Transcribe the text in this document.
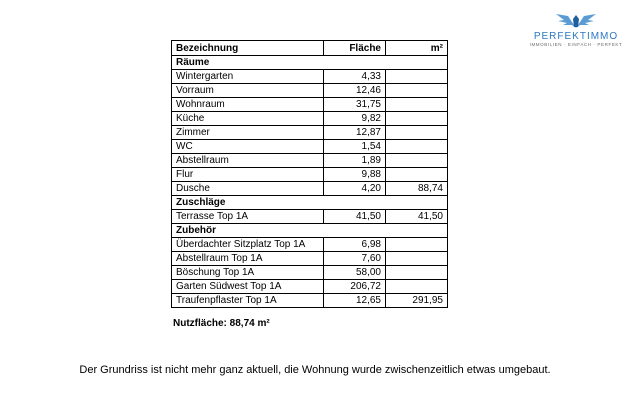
PERFEKTIMMO
IMMOBILIEN · EINFACH · PERFEKT
Bezeichnung	Fläche	m²
Räume		
Wintergarten	4,33	
Vorraum	12,46	
Wohnraum	31,75	
Küche	9,82	
Zimmer	12,87	
WC	1,54	
Abstellraum	1,89	
Flur	9,88	
Dusche	4,20	88,74
Zuschläge		
Terrasse Top 1A	41,50	41,50
Zubehör		
Überdachter Sitzplatz Top 1A	6,98	
Abstellraum Top 1A	7,60	
Böschung Top 1A	58,00	
Garten Südwest Top 1A	206,72	
Traufenpflaster Top 1A	12,65	291,95
Nutzfläche: 88,74 m²
Der Grundriss ist nicht mehr ganz aktuell, die Wohnung wurde zwischenzeitlich etwas umgebaut.
